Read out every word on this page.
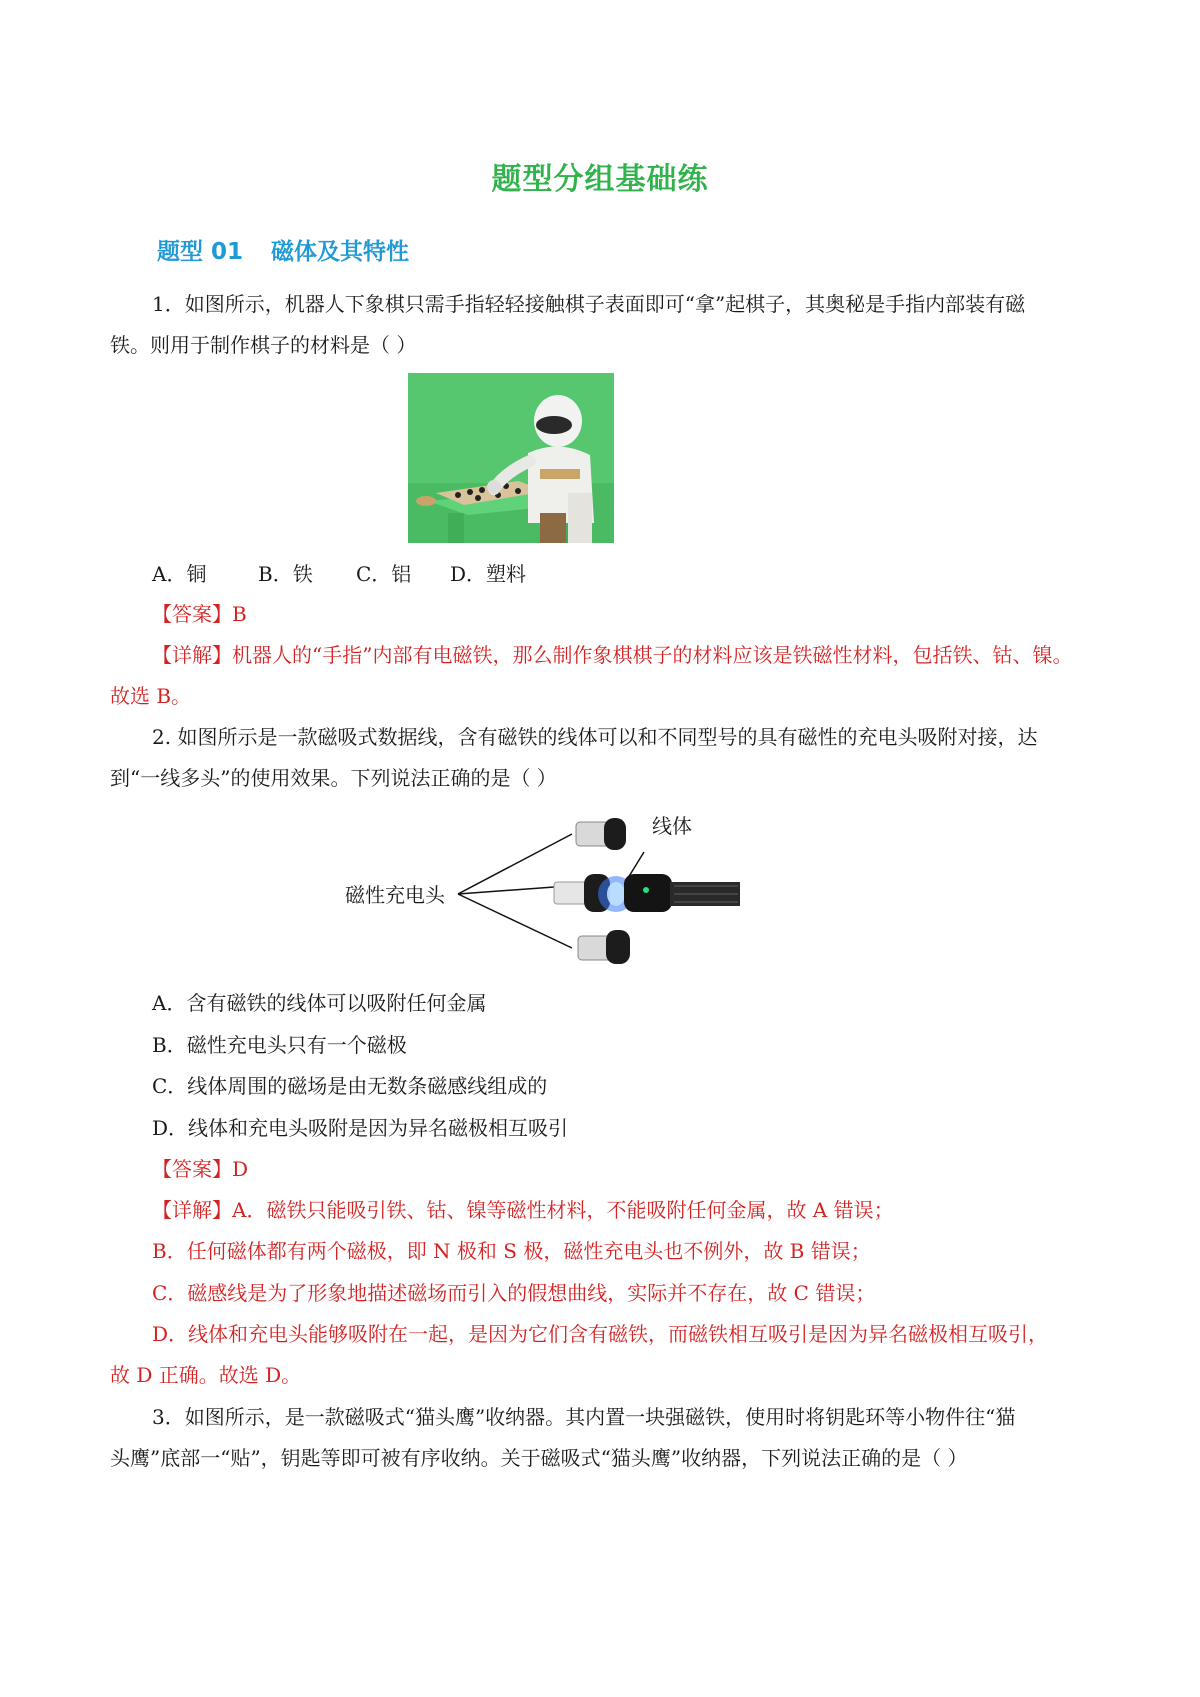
题型分组基础练
题型 01 磁体及其特性
1．如图所示，机器人下象棋只需手指轻轻接触棋子表面即可“拿”起棋子，其奥秘是手指内部装有磁
铁。则用于制作棋子的材料是（ ）
A．铜	B．铁 C．铝 D．塑料
【答案】B
【详解】机器人的“手指”内部有电磁铁，那么制作象棋棋子的材料应该是铁磁性材料，包括铁、钴、镍。
故选 B。
2. 如图所示是一款磁吸式数据线，含有磁铁的线体可以和不同型号的具有磁性的充电头吸附对接，达
到“一线多头”的使用效果。下列说法正确的是（ ）
线体
磁性充电头
A．含有磁铁的线体可以吸附任何金属
B．磁性充电头只有一个磁极
C．线体周围的磁场是由无数条磁感线组成的
D．线体和充电头吸附是因为异名磁极相互吸引
【答案】D
【详解】A．磁铁只能吸引铁、钴、镍等磁性材料，不能吸附任何金属，故 A 错误；
B．任何磁体都有两个磁极，即 N 极和 S 极，磁性充电头也不例外，故 B 错误；
C．磁感线是为了形象地描述磁场而引入的假想曲线，实际并不存在，故 C 错误；
D．线体和充电头能够吸附在一起，是因为它们含有磁铁，而磁铁相互吸引是因为异名磁极相互吸引，
故 D 正确。故选 D。
3．如图所示，是一款磁吸式“猫头鹰”收纳器。其内置一块强磁铁，使用时将钥匙环等小物件往“猫
头鹰”底部一“贴”，钥匙等即可被有序收纳。关于磁吸式“猫头鹰”收纳器，下列说法正确的是（ ）
